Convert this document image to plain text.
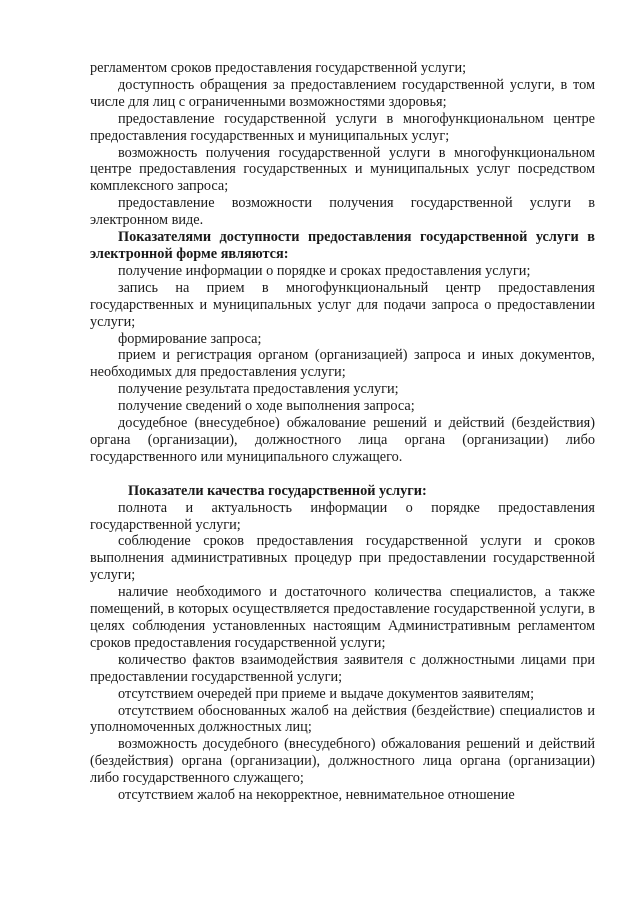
регламентом сроков предоставления государственной услуги;

доступность обращения за предоставлением государственной услуги, в том числе для лиц с ограниченными возможностями здоровья;

предоставление государственной услуги в многофункциональном центре предоставления государственных и муниципальных услуг;

возможность получения государственной услуги в многофункциональном центре предоставления государственных и муниципальных услуг посредством комплексного запроса;

предоставление возможности получения государственной услуги в электронном виде.

Показателями доступности предоставления государственной услуги в электронной форме являются:

получение информации о порядке и сроках предоставления услуги;

запись на прием в многофункциональный центр предоставления государственных и муниципальных услуг для подачи запроса о предоставлении услуги;

формирование запроса;

прием и регистрация органом (организацией) запроса и иных документов, необходимых для предоставления услуги;

получение результата предоставления услуги;

получение сведений о ходе выполнения запроса;

досудебное (внесудебное) обжалование решений и действий (бездействия) органа (организации), должностного лица органа (организации) либо государственного или муниципального служащего.

Показатели качества государственной услуги:

полнота и актуальность информации о порядке предоставления государственной услуги;

соблюдение сроков предоставления государственной услуги и сроков выполнения административных процедур при предоставлении государственной услуги;

наличие необходимого и достаточного количества специалистов, а также помещений, в которых осуществляется предоставление государственной услуги, в целях соблюдения установленных настоящим Административным регламентом сроков предоставления государственной услуги;

количество фактов взаимодействия заявителя с должностными лицами при предоставлении государственной услуги;

отсутствием очередей при приеме и выдаче документов заявителям;

отсутствием обоснованных жалоб на действия (бездействие) специалистов и уполномоченных должностных лиц;

возможность досудебного (внесудебного) обжалования решений и действий (бездействия) органа (организации), должностного лица органа (организации) либо государственного служащего;

отсутствием жалоб на некорректное, невнимательное отношение
